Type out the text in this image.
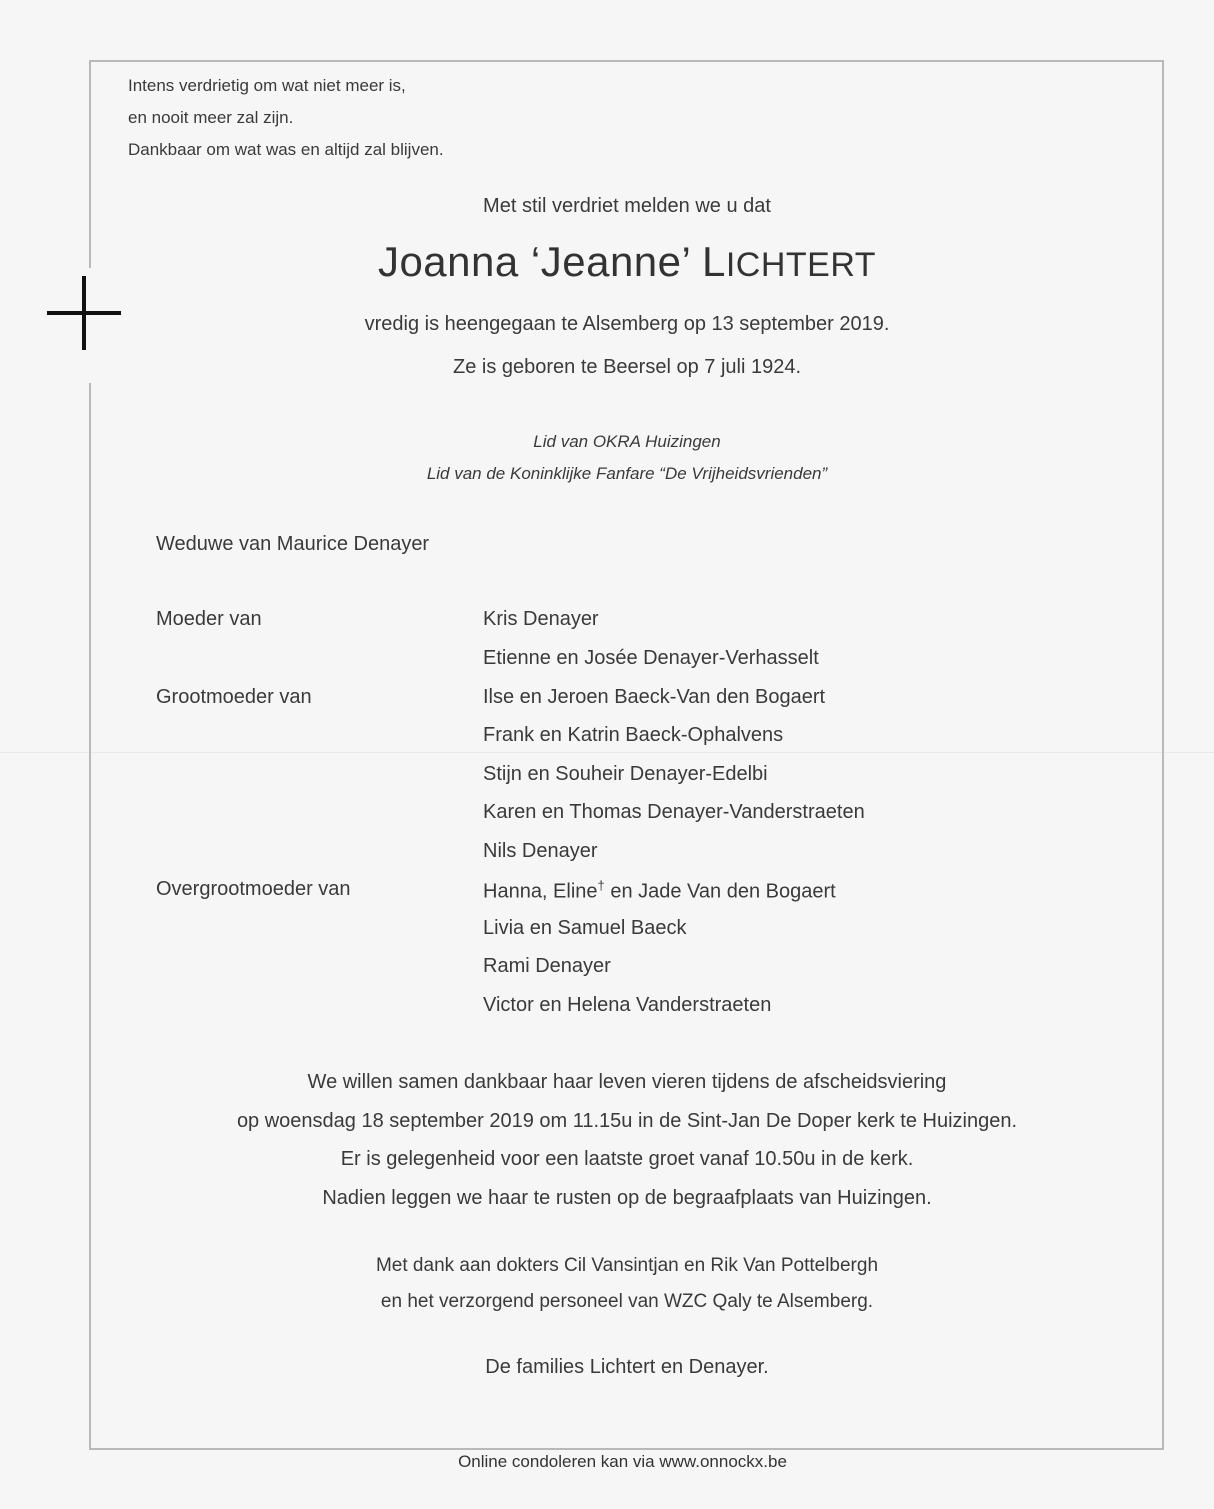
Intens verdrietig om wat niet meer is,
en nooit meer zal zijn.
Dankbaar om wat was en altijd zal blijven.
Met stil verdriet melden we u dat
Joanna ‘Jeanne’ LICHTERT
vredig is heengegaan te Alsemberg op 13 september 2019.
Ze is geboren te Beersel op 7 juli 1924.
Lid van OKRA Huizingen
Lid van de Koninklijke Fanfare “De Vrijheidsvrienden”
Weduwe van Maurice Denayer
Moeder van	Kris Denayer
Etienne en Josée Denayer-Verhasselt
Grootmoeder van	Ilse en Jeroen Baeck-Van den Bogaert
Frank en Katrin Baeck-Ophalvens
Stijn en Souheir Denayer-Edelbi
Karen en Thomas Denayer-Vanderstraeten
Nils Denayer
Overgrootmoeder van	Hanna, Eline† en Jade Van den Bogaert
Livia en Samuel Baeck
Rami Denayer
Victor en Helena Vanderstraeten
We willen samen dankbaar haar leven vieren tijdens de afscheidsviering
op woensdag 18 september 2019 om 11.15u in de Sint-Jan De Doper kerk te Huizingen.
Er is gelegenheid voor een laatste groet vanaf 10.50u in de kerk.
Nadien leggen we haar te rusten op de begraafplaats van Huizingen.
Met dank aan dokters Cil Vansintjan en Rik Van Pottelbergh
en het verzorgend personeel van WZC Qaly te Alsemberg.
De families Lichtert en Denayer.
Online condoleren kan via www.onnockx.be
